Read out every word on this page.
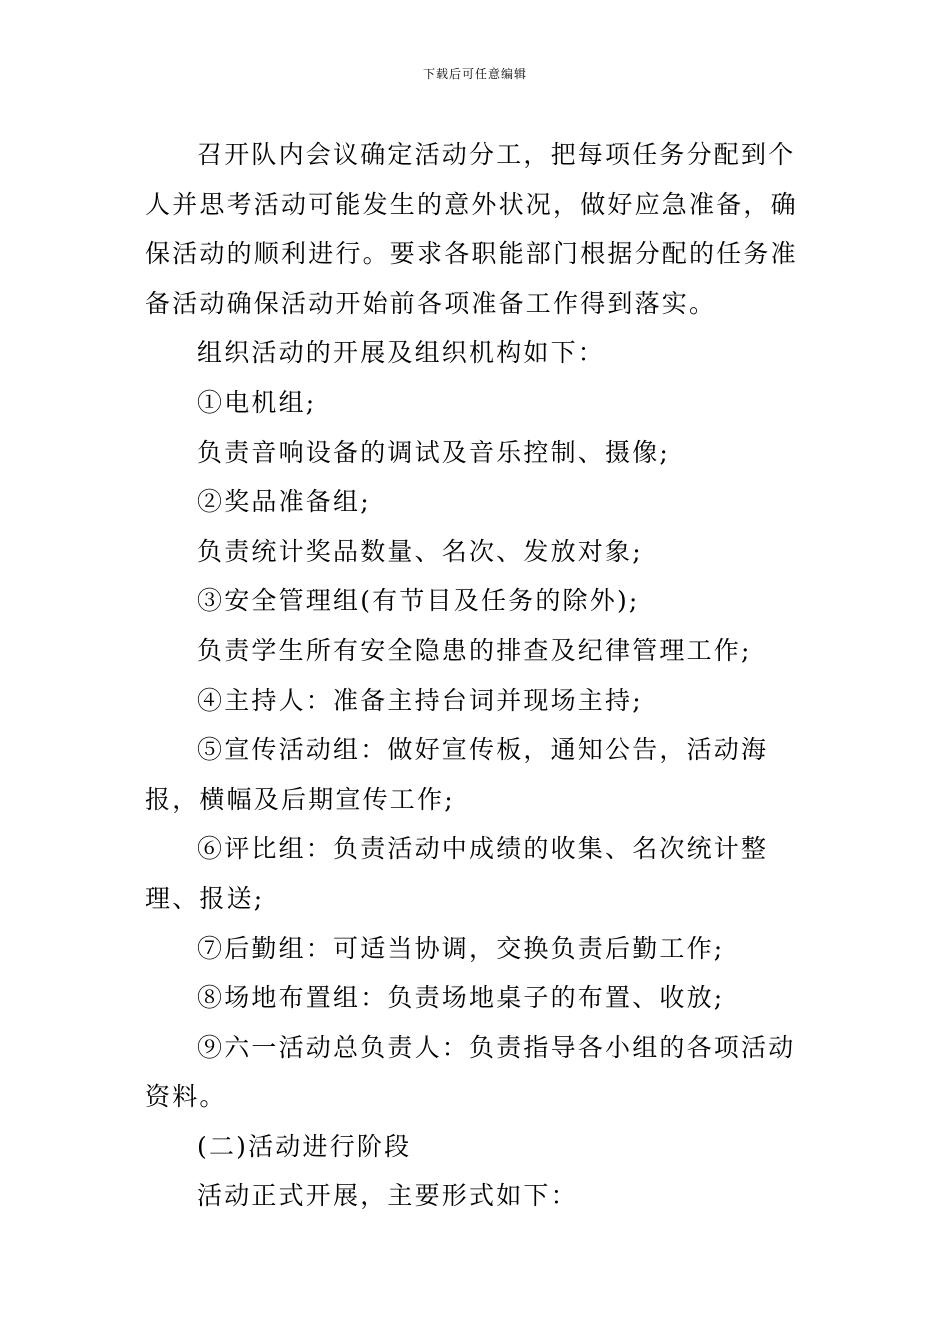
下载后可任意编辑

召开队内会议确定活动分工，把每项任务分配到个人并思考活动可能发生的意外状况，做好应急准备，确保活动的顺利进行。要求各职能部门根据分配的任务准备活动确保活动开始前各项准备工作得到落实。

组织活动的开展及组织机构如下：

①电机组;

负责音响设备的调试及音乐控制、摄像;

②奖品准备组;

负责统计奖品数量、名次、发放对象;

③安全管理组(有节目及任务的除外);

负责学生所有安全隐患的排查及纪律管理工作;

④主持人：准备主持台词并现场主持;

⑤宣传活动组：做好宣传板，通知公告，活动海报，横幅及后期宣传工作;

⑥评比组：负责活动中成绩的收集、名次统计整理、报送;

⑦后勤组：可适当协调，交换负责后勤工作;

⑧场地布置组：负责场地桌子的布置、收放;

⑨六一活动总负责人：负责指导各小组的各项活动资料。

(二)活动进行阶段

活动正式开展，主要形式如下：
